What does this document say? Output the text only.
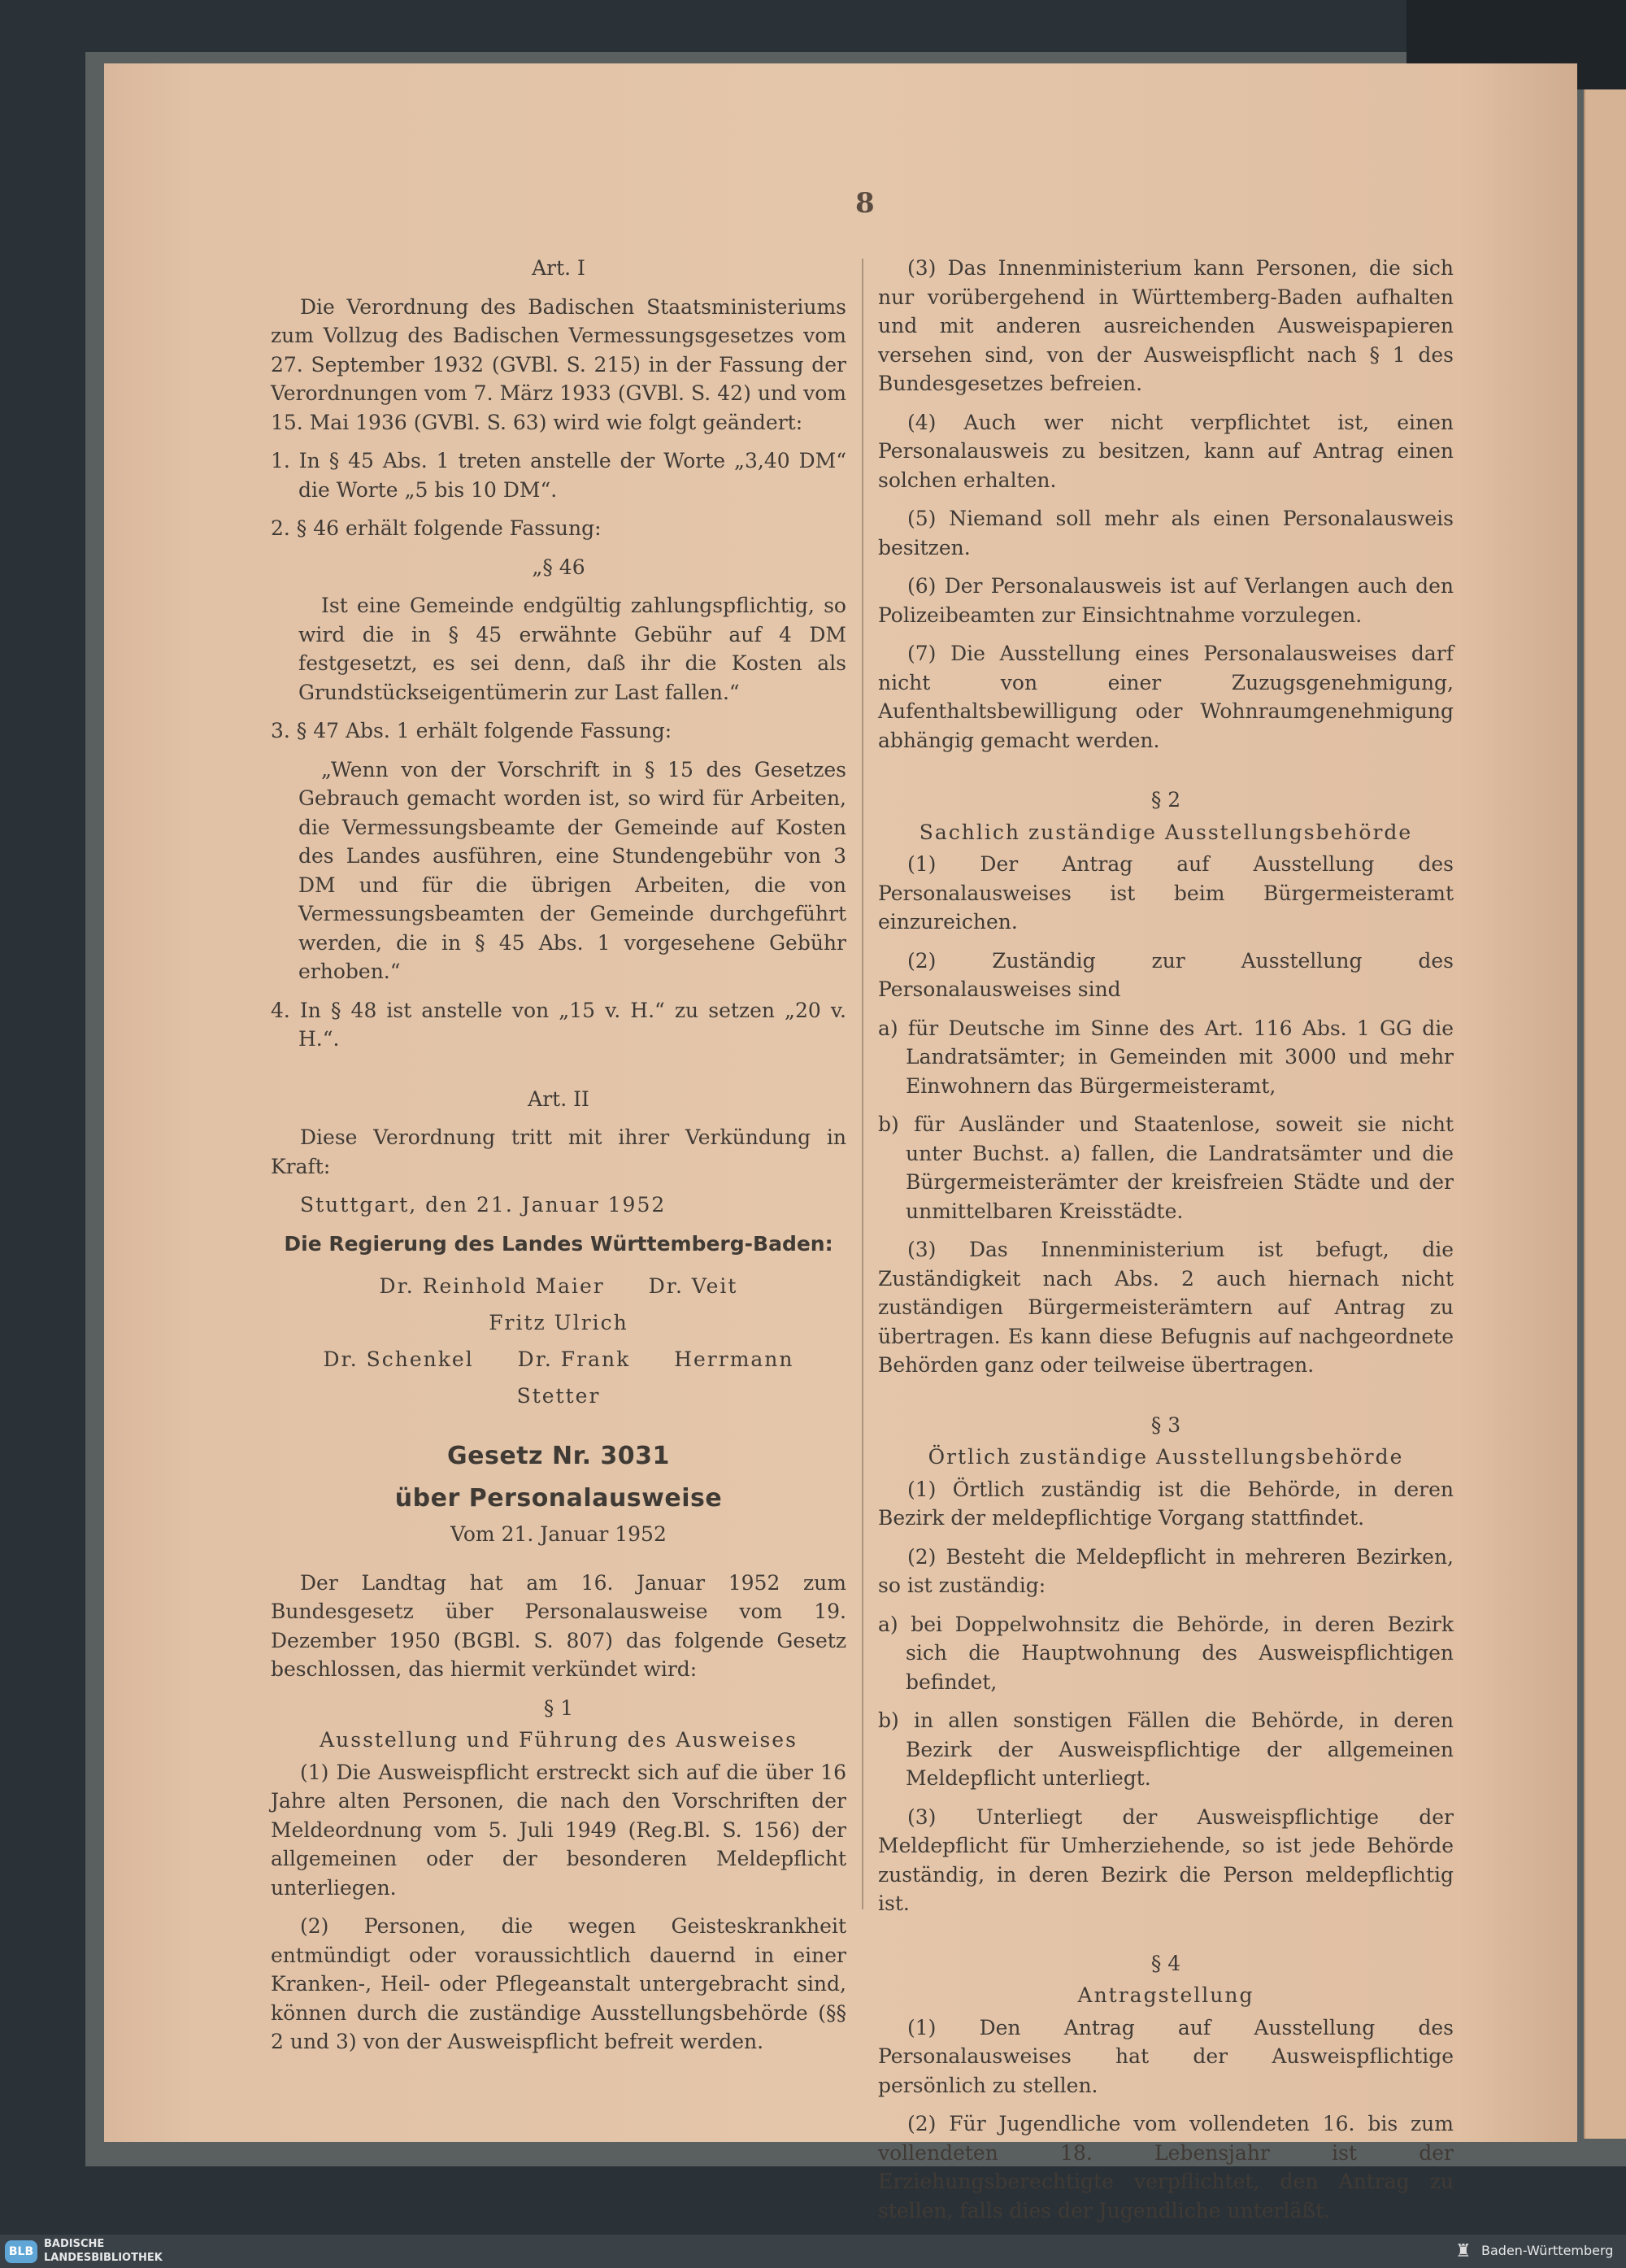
8

Art. I

Die Verordnung des Badischen Staatsministeriums zum Vollzug des Badischen Vermessungsgesetzes vom 27. September 1932 (GVBl. S. 215) in der Fassung der Verordnungen vom 7. März 1933 (GVBl. S. 42) und vom 15. Mai 1936 (GVBl. S. 63) wird wie folgt geändert:

1. In § 45 Abs. 1 treten anstelle der Worte „3,40 DM“ die Worte „5 bis 10 DM“.

2. § 46 erhält folgende Fassung:

„§ 46

Ist eine Gemeinde endgültig zahlungspflichtig, so wird die in § 45 erwähnte Gebühr auf 4 DM festgesetzt, es sei denn, daß ihr die Kosten als Grundstückseigentümerin zur Last fallen.“

3. § 47 Abs. 1 erhält folgende Fassung:

„Wenn von der Vorschrift in § 15 des Gesetzes Gebrauch gemacht worden ist, so wird für Arbeiten, die Vermessungsbeamte der Gemeinde auf Kosten des Landes ausführen, eine Stundengebühr von 3 DM und für die übrigen Arbeiten, die von Vermessungsbeamten der Gemeinde durchgeführt werden, die in § 45 Abs. 1 vorgesehene Gebühr erhoben.“

4. In § 48 ist anstelle von „15 v. H.“ zu setzen „20 v. H.“.

Art. II

Diese Verordnung tritt mit ihrer Verkündung in Kraft:

Stuttgart, den 21. Januar 1952

Die Regierung des Landes Württemberg-Baden:

Dr. Reinhold Maier Dr. Veit Fritz Ulrich
Dr. Schenkel Dr. Frank Herrmann
Stetter
Gesetz Nr. 3031
über Personalausweise

Vom 21. Januar 1952

Der Landtag hat am 16. Januar 1952 zum Bundesgesetz über Personalausweise vom 19. Dezember 1950 (BGBl. S. 807) das folgende Gesetz beschlossen, das hiermit verkündet wird:

§ 1

Ausstellung und Führung des Ausweises

(1) Die Ausweispflicht erstreckt sich auf die über 16 Jahre alten Personen, die nach den Vorschriften der Meldeordnung vom 5. Juli 1949 (Reg.Bl. S. 156) der allgemeinen oder der besonderen Meldepflicht unterliegen.

(2) Personen, die wegen Geisteskrankheit entmündigt oder voraussichtlich dauernd in einer Kranken-, Heil- oder Pflegeanstalt untergebracht sind, können durch die zuständige Ausstellungsbehörde (§§ 2 und 3) von der Ausweispflicht befreit werden.

(3) Das Innenministerium kann Personen, die sich nur vorübergehend in Württemberg-Baden aufhalten und mit anderen ausreichenden Ausweispapieren versehen sind, von der Ausweispflicht nach § 1 des Bundesgesetzes befreien.

(4) Auch wer nicht verpflichtet ist, einen Personalausweis zu besitzen, kann auf Antrag einen solchen erhalten.

(5) Niemand soll mehr als einen Personalausweis besitzen.

(6) Der Personalausweis ist auf Verlangen auch den Polizeibeamten zur Einsichtnahme vorzulegen.

(7) Die Ausstellung eines Personalausweises darf nicht von einer Zuzugsgenehmigung, Aufenthaltsbewilligung oder Wohnraumgenehmigung abhängig gemacht werden.

§ 2

Sachlich zuständige Ausstellungsbehörde

(1) Der Antrag auf Ausstellung des Personalausweises ist beim Bürgermeisteramt einzureichen.

(2) Zuständig zur Ausstellung des Personalausweises sind

a) für Deutsche im Sinne des Art. 116 Abs. 1 GG die Landratsämter; in Gemeinden mit 3000 und mehr Einwohnern das Bürgermeisteramt,

b) für Ausländer und Staatenlose, soweit sie nicht unter Buchst. a) fallen, die Landratsämter und die Bürgermeisterämter der kreisfreien Städte und der unmittelbaren Kreisstädte.

(3) Das Innenministerium ist befugt, die Zuständigkeit nach Abs. 2 auch hiernach nicht zuständigen Bürgermeisterämtern auf Antrag zu übertragen. Es kann diese Befugnis auf nachgeordnete Behörden ganz oder teilweise übertragen.

§ 3

Örtlich zuständige Ausstellungsbehörde

(1) Örtlich zuständig ist die Behörde, in deren Bezirk der meldepflichtige Vorgang stattfindet.

(2) Besteht die Meldepflicht in mehreren Bezirken, so ist zuständig:

a) bei Doppelwohnsitz die Behörde, in deren Bezirk sich die Hauptwohnung des Ausweispflichtigen befindet,

b) in allen sonstigen Fällen die Behörde, in deren Bezirk der Ausweispflichtige der allgemeinen Meldepflicht unterliegt.

(3) Unterliegt der Ausweispflichtige der Meldepflicht für Umherziehende, so ist jede Behörde zuständig, in deren Bezirk die Person meldepflichtig ist.

§ 4

Antragstellung

(1) Den Antrag auf Ausstellung des Personalausweises hat der Ausweispflichtige persönlich zu stellen.

(2) Für Jugendliche vom vollendeten 16. bis zum vollendeten 18. Lebensjahr ist der Erziehungsberechtigte verpflichtet, den Antrag zu stellen, falls dies der Jugendliche unterläßt.

BLB
BADISCHE
LANDESBIBLIOTHEK	♜ Baden-Württemberg
